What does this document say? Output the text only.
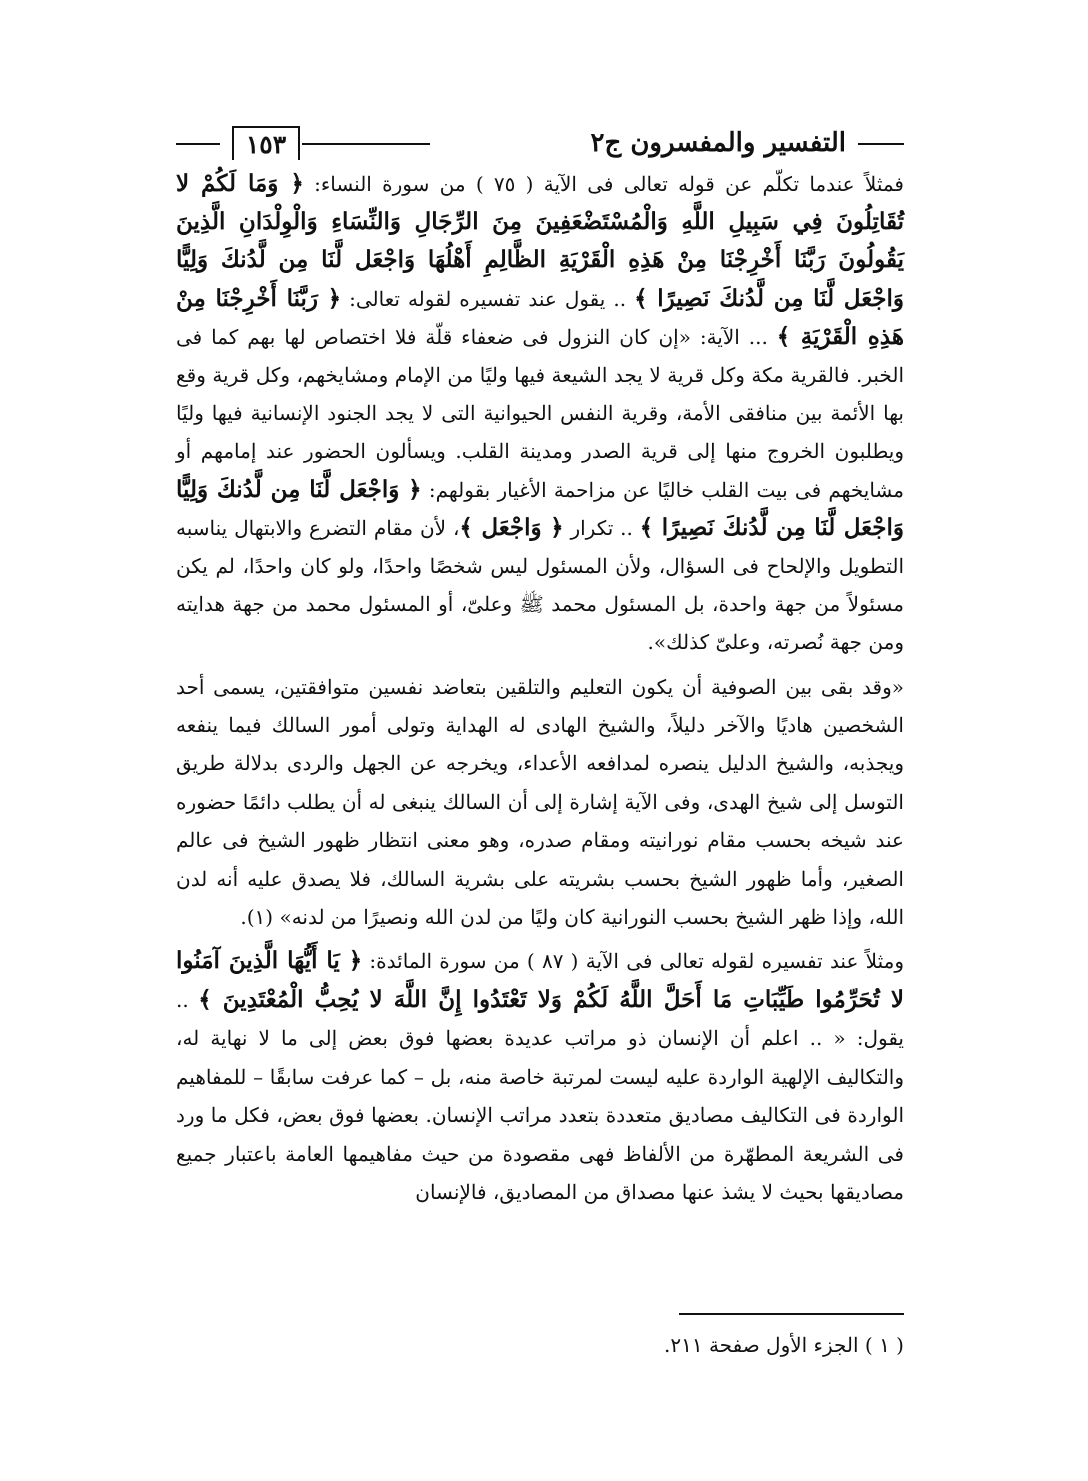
التفسير والمفسرون ج٢
١٥٣

فمثلاً عندما تكلّم عن قوله تعالى فى الآية ( ٧٥ ) من سورة النساء: ﴿ وَمَا لَكُمْ لا تُقَاتِلُونَ فِي سَبِيلِ اللَّهِ وَالْمُسْتَضْعَفِينَ مِنَ الرِّجَالِ وَالنِّسَاءِ وَالْوِلْدَانِ الَّذِينَ يَقُولُونَ رَبَّنَا أَخْرِجْنَا مِنْ هَذِهِ الْقَرْيَةِ الظَّالِمِ أَهْلُهَا وَاجْعَل لَّنَا مِن لَّدُنكَ وَلِيًّا وَاجْعَل لَّنَا مِن لَّدُنكَ نَصِيرًا ﴾ .. يقول عند تفسيره لقوله تعالى: ﴿ رَبَّنَا أَخْرِجْنَا مِنْ هَذِهِ الْقَرْيَةِ ﴾ ... الآية: «إن كان النزول فى ضعفاء قلّة فلا اختصاص لها بهم كما فى الخبر. فالقرية مكة وكل قرية لا يجد الشيعة فيها وليًا من الإمام ومشايخهم، وكل قرية وقع بها الأئمة بين منافقى الأمة، وقرية النفس الحيوانية التى لا يجد الجنود الإنسانية فيها وليًا ويطلبون الخروج منها إلى قرية الصدر ومدينة القلب. ويسألون الحضور عند إمامهم أو مشايخهم فى بيت القلب خاليًا عن مزاحمة الأغيار بقولهم: ﴿ وَاجْعَل لَّنَا مِن لَّدُنكَ وَلِيًّا وَاجْعَل لَّنَا مِن لَّدُنكَ نَصِيرًا ﴾ .. تكرار ﴿ وَاجْعَل ﴾، لأن مقام التضرع والابتهال يناسبه التطويل والإلحاح فى السؤال، ولأن المسئول ليس شخصًا واحدًا، ولو كان واحدًا، لم يكن مسئولاً من جهة واحدة، بل المسئول محمد ﷺ وعلىّ، أو المسئول محمد من جهة هدايته ومن جهة نُصرته، وعلىّ كذلك».

«وقد بقى بين الصوفية أن يكون التعليم والتلقين بتعاضد نفسين متوافقتين، يسمى أحد الشخصين هاديًا والآخر دليلاً، والشيخ الهادى له الهداية وتولى أمور السالك فيما ينفعه ويجذبه، والشيخ الدليل ينصره لمدافعه الأعداء، ويخرجه عن الجهل والردى بدلالة طريق التوسل إلى شيخ الهدى، وفى الآية إشارة إلى أن السالك ينبغى له أن يطلب دائمًا حضوره عند شيخه بحسب مقام نورانيته ومقام صدره، وهو معنى انتظار ظهور الشيخ فى عالم الصغير، وأما ظهور الشيخ بحسب بشريته على بشرية السالك، فلا يصدق عليه أنه لدن الله، وإذا ظهر الشيخ بحسب النورانية كان وليًا من لدن الله ونصيرًا من لدنه» (١).

ومثلاً عند تفسيره لقوله تعالى فى الآية ( ٨٧ ) من سورة المائدة: ﴿ يَا أَيُّهَا الَّذِينَ آمَنُوا لا تُحَرِّمُوا طَيِّبَاتِ مَا أَحَلَّ اللَّهُ لَكُمْ وَلا تَعْتَدُوا إِنَّ اللَّهَ لا يُحِبُّ الْمُعْتَدِينَ ﴾ .. يقول: « .. اعلم أن الإنسان ذو مراتب عديدة بعضها فوق بعض إلى ما لا نهاية له، والتكاليف الإلهية الواردة عليه ليست لمرتبة خاصة منه، بل – كما عرفت سابقًا – للمفاهيم الواردة فى التكاليف مصاديق متعددة بتعدد مراتب الإنسان. بعضها فوق بعض، فكل ما ورد فى الشريعة المطهّرة من الألفاظ فهى مقصودة من حيث مفاهيمها العامة باعتبار جميع مصاديقها بحيث لا يشذ عنها مصداق من المصاديق، فالإنسان

( ١ ) الجزء الأول صفحة ٢١١.
